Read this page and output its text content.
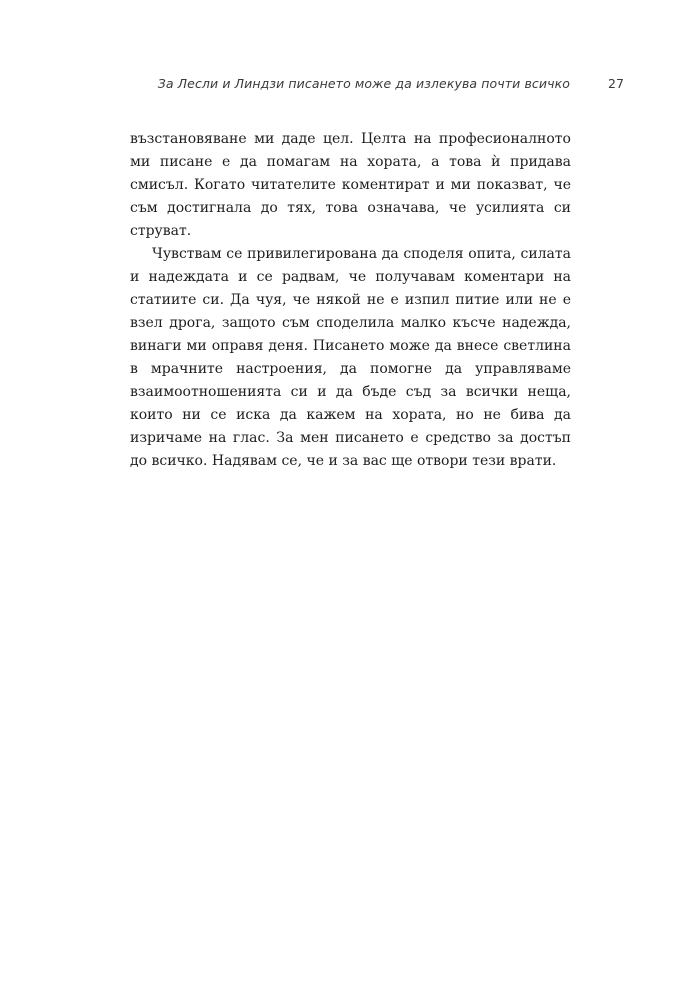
За Лесли и Линдзи писането може да излекува почти всичко	27

възстановяване ми даде цел. Целта на професионалното ми писане е да помагам на хората, а това ѝ придава смисъл. Когато читателите коментират и ми показват, че съм достигнала до тях, това означава, че усилията си струват.

Чувствам се привилегирована да споделя опита, силата и надеждата и се радвам, че получавам коментари на статиите си. Да чуя, че някой не е изпил питие или не е взел дрога, защото съм споделила малко късче надежда, винаги ми оправя деня. Писането може да внесе светлина в мрачните настроения, да помогне да управляваме взаимоотношенията си и да бъде съд за всички неща, които ни се иска да кажем на хората, но не бива да изричаме на глас. За мен писането е средство за достъп до всичко. Надявам се, че и за вас ще отвори тези врати.
